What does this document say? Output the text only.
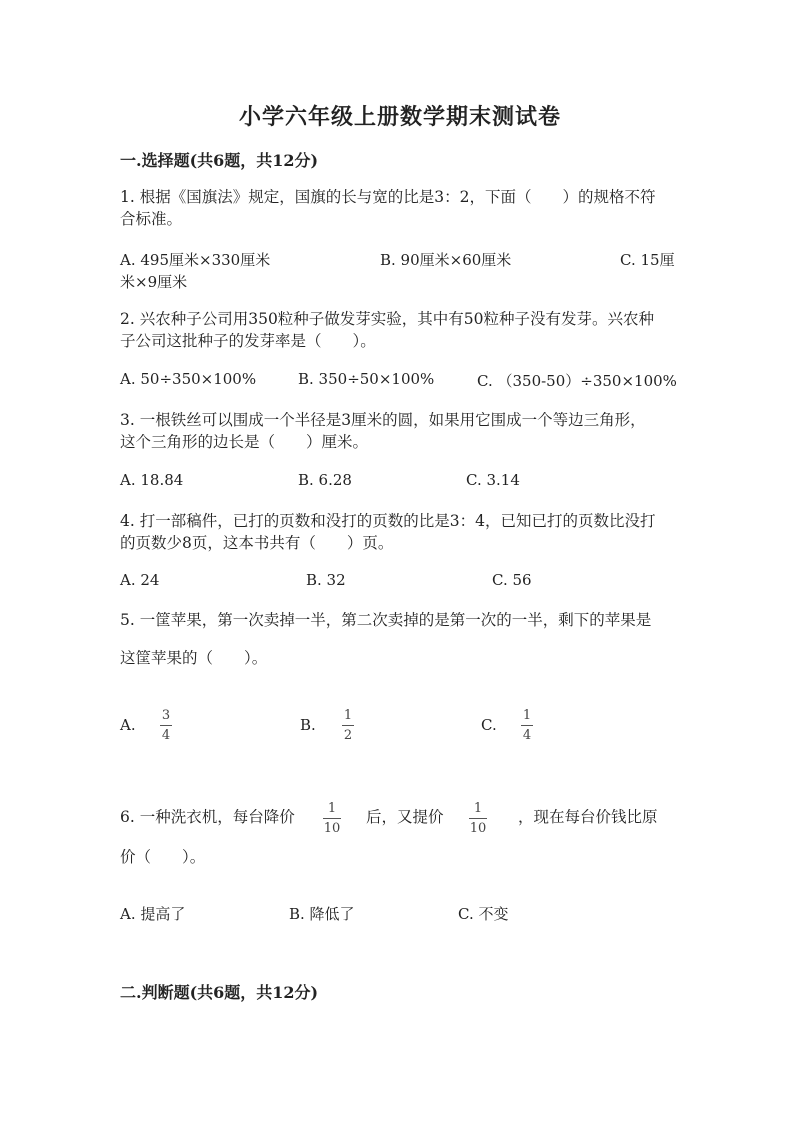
小学六年级上册数学期末测试卷
一.选择题(共6题，共12分)
1. 根据《国旗法》规定，国旗的长与宽的比是3：2，下面（　　）的规格不符
合标准。
A. 495厘米×330厘米	B. 90厘米×60厘米	C. 15厘
米×9厘米
2. 兴农种子公司用350粒种子做发芽实验，其中有50粒种子没有发芽。兴农种
子公司这批种子的发芽率是（　　）。
A. 50÷350×100%	B. 350÷50×100%	C. （350-50）÷350×100%
3. 一根铁丝可以围成一个半径是3厘米的圆，如果用它围成一个等边三角形，
这个三角形的边长是（　　）厘米。
A. 18.84	B. 6.28	C. 3.14
4. 打一部稿件，已打的页数和没打的页数的比是3：4，已知已打的页数比没打
的页数少8页，这本书共有（　　）页。
A. 24	B. 32	C. 56
5. 一筐苹果，第一次卖掉一半，第二次卖掉的是第一次的一半，剩下的苹果是
这筐苹果的（　　）。
A.
3
4
B.
1
2
C.
1
4
6. 一种洗衣机，每台降价	1
10
后，又提价 1
10
，现在每台价钱比原
价（　　）。
A. 提高了	B. 降低了	C. 不变
二.判断题(共6题，共12分)
